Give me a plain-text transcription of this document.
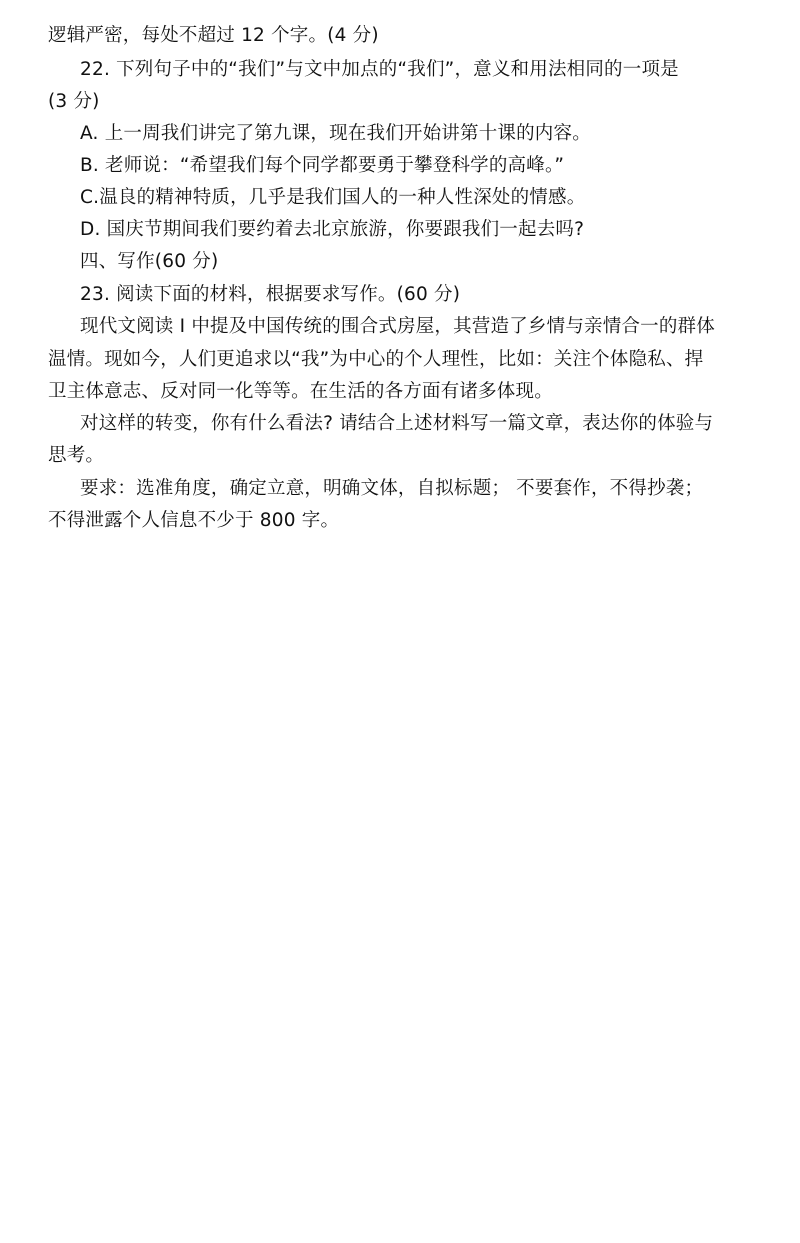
逻辑严密，每处不超过 12 个字。(4 分)
22. 下列句子中的“我们”与文中加点的“我们”，意义和用法相同的一项是
(3 分)
A. 上一周我们讲完了第九课，现在我们开始讲第十课的内容。
B. 老师说：“希望我们每个同学都要勇于攀登科学的高峰。”
C.温良的精神特质，几乎是我们国人的一种人性深处的情感。
D. 国庆节期间我们要约着去北京旅游，你要跟我们一起去吗?
四、写作(60 分)
23. 阅读下面的材料，根据要求写作。(60 分)
现代文阅读 I 中提及中国传统的围合式房屋，其营造了乡情与亲情合一的群体
温情。现如今，人们更追求以“我”为中心的个人理性，比如：关注个体隐私、捍
卫主体意志、反对同一化等等。在生活的各方面有诸多体现。
对这样的转变，你有什么看法? 请结合上述材料写一篇文章，表达你的体验与
思考。
要求：选准角度，确定立意，明确文体，自拟标题； 不要套作，不得抄袭；
不得泄露个人信息不少于 800 字。
